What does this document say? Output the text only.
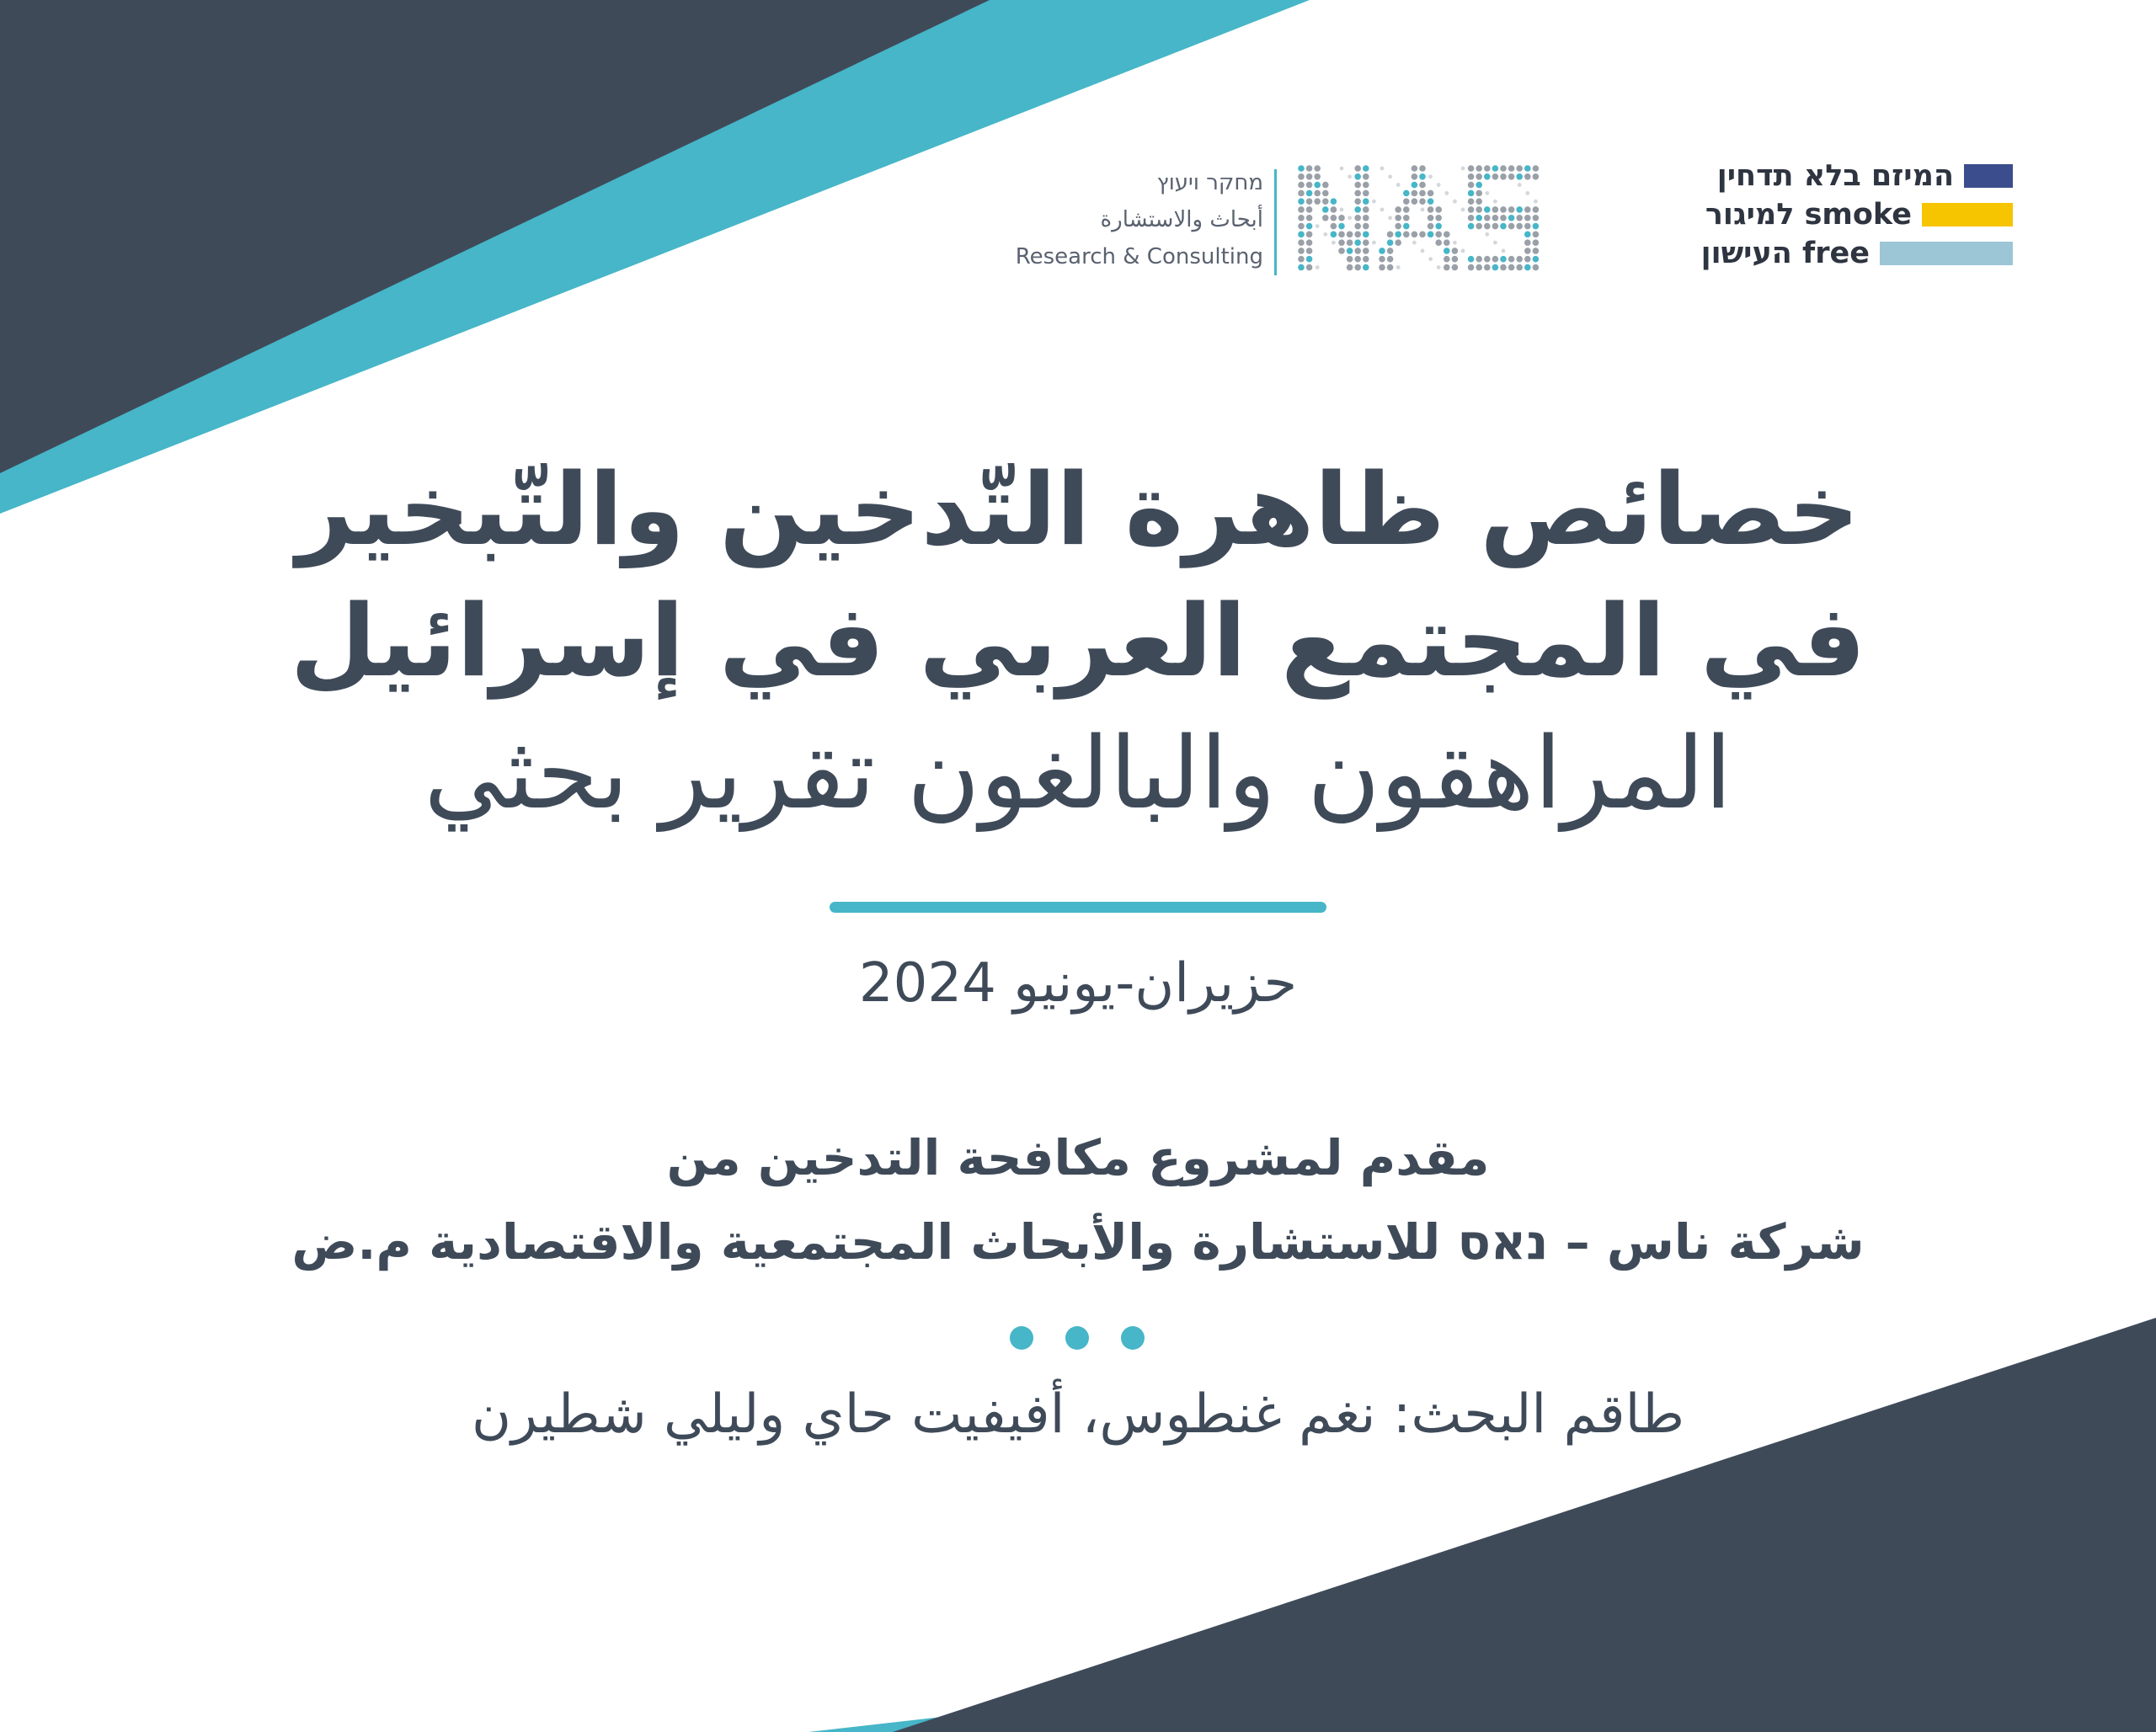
המיזם בלא תדחין
smoke למיגור
free העישון
מחקר ויעוץ
أبحاث والاستشارة
Research & Consulting
خصائص ظاهرة التّدخين والتّبخير
في المجتمع العربي في إسرائيل
المراهقون والبالغون تقرير بحثي
حزيران-يونيو 2024
مقدم لمشروع مكافحة التدخين من
شركة ناس – נאס للاستشارة والأبحاث المجتمعية والاقتصادية م.ض
طاقم البحث: نغم غنطوس، أفيفيت حاي وليلي شطيرن
